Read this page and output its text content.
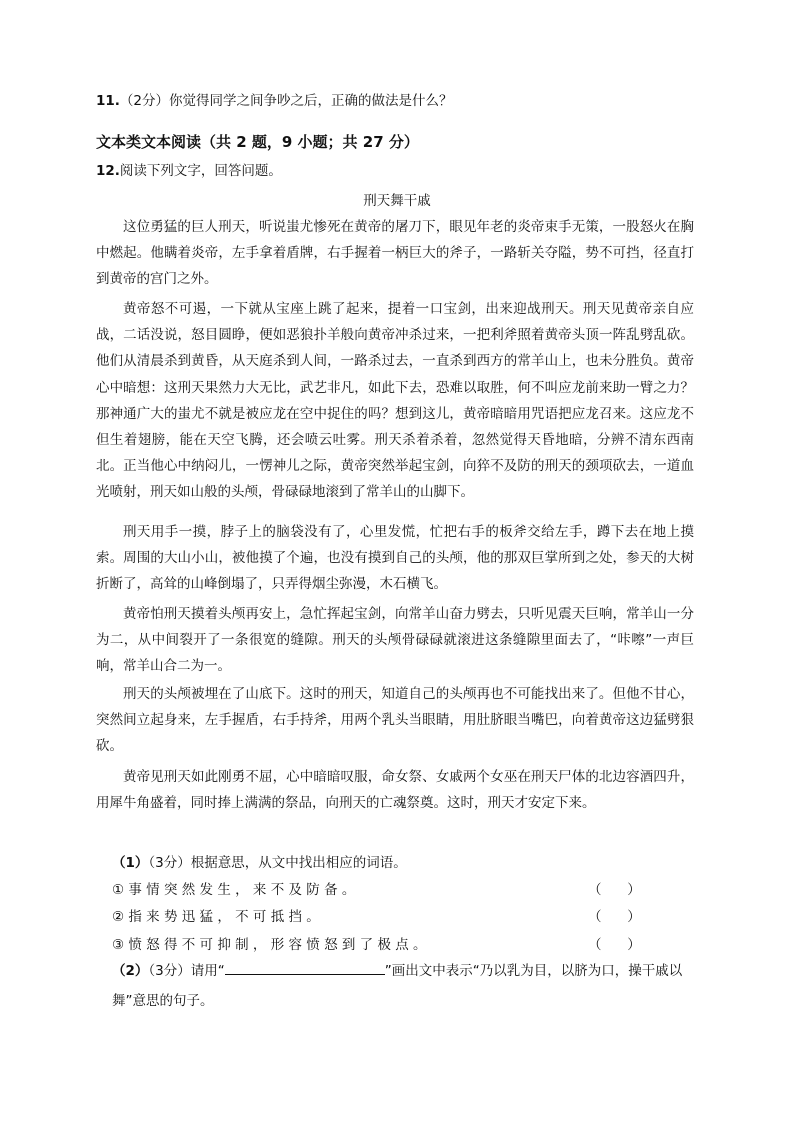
11.（2分）你觉得同学之间争吵之后，正确的做法是什么？
文本类文本阅读（共 2 题，9 小题；共 27 分）
12.阅读下列文字，回答问题。
刑天舞干戚
这位勇猛的巨人刑天，听说蚩尤惨死在黄帝的屠刀下，眼见年老的炎帝束手无策，一股怒火在胸中燃起。他瞒着炎帝，左手拿着盾牌，右手握着一柄巨大的斧子，一路斩关夺隘，势不可挡，径直打到黄帝的宫门之外。
黄帝怒不可遏，一下就从宝座上跳了起来，提着一口宝剑，出来迎战刑天。刑天见黄帝亲自应战，二话没说，怒目圆睁，便如恶狼扑羊般向黄帝冲杀过来，一把利斧照着黄帝头顶一阵乱劈乱砍。他们从清晨杀到黄昏，从天庭杀到人间，一路杀过去，一直杀到西方的常羊山上，也未分胜负。黄帝心中暗想：这刑天果然力大无比，武艺非凡，如此下去，恐难以取胜，何不叫应龙前来助一臂之力？那神通广大的蚩尤不就是被应龙在空中捉住的吗？想到这儿，黄帝暗暗用咒语把应龙召来。这应龙不但生着翅膀，能在天空飞腾，还会喷云吐雾。刑天杀着杀着，忽然觉得天昏地暗，分辨不清东西南北。正当他心中纳闷儿，一愣神儿之际，黄帝突然举起宝剑，向猝不及防的刑天的颈项砍去，一道血光喷射，刑天如山般的头颅，骨碌碌地滚到了常羊山的山脚下。
刑天用手一摸，脖子上的脑袋没有了，心里发慌，忙把右手的板斧交给左手，蹲下去在地上摸索。周围的大山小山，被他摸了个遍，也没有摸到自己的头颅，他的那双巨掌所到之处，参天的大树折断了，高耸的山峰倒塌了，只弄得烟尘弥漫，木石横飞。
黄帝怕刑天摸着头颅再安上，急忙挥起宝剑，向常羊山奋力劈去，只听见震天巨响，常羊山一分为二，从中间裂开了一条很宽的缝隙。刑天的头颅骨碌碌就滚进这条缝隙里面去了，“咔嚓”一声巨响，常羊山合二为一。
刑天的头颅被埋在了山底下。这时的刑天，知道自己的头颅再也不可能找出来了。但他不甘心，突然间立起身来，左手握盾，右手持斧，用两个乳头当眼睛，用肚脐眼当嘴巴，向着黄帝这边猛劈狠砍。
黄帝见刑天如此刚勇不屈，心中暗暗叹服，命女祭、女戚两个女巫在刑天尸体的北边容酒四升，用犀牛角盛着，同时捧上满满的祭品，向刑天的亡魂祭奠。这时，刑天才安定下来。
（1）（3分）根据意思，从文中找出相应的词语。
① 事 情 突 然 发 生 ， 来 不 及 防 备 。	（      ）
② 指 来 势 迅 猛 ， 不 可 抵 挡 。	（      ）
③ 愤 怒 得 不 可 抑 制 ， 形 容 愤 怒 到 了 极 点 。	（      ）
（2）（3分）请用“	”画出文中表示“乃以乳为目，以脐为口，操干戚以舞”意思的句子。
